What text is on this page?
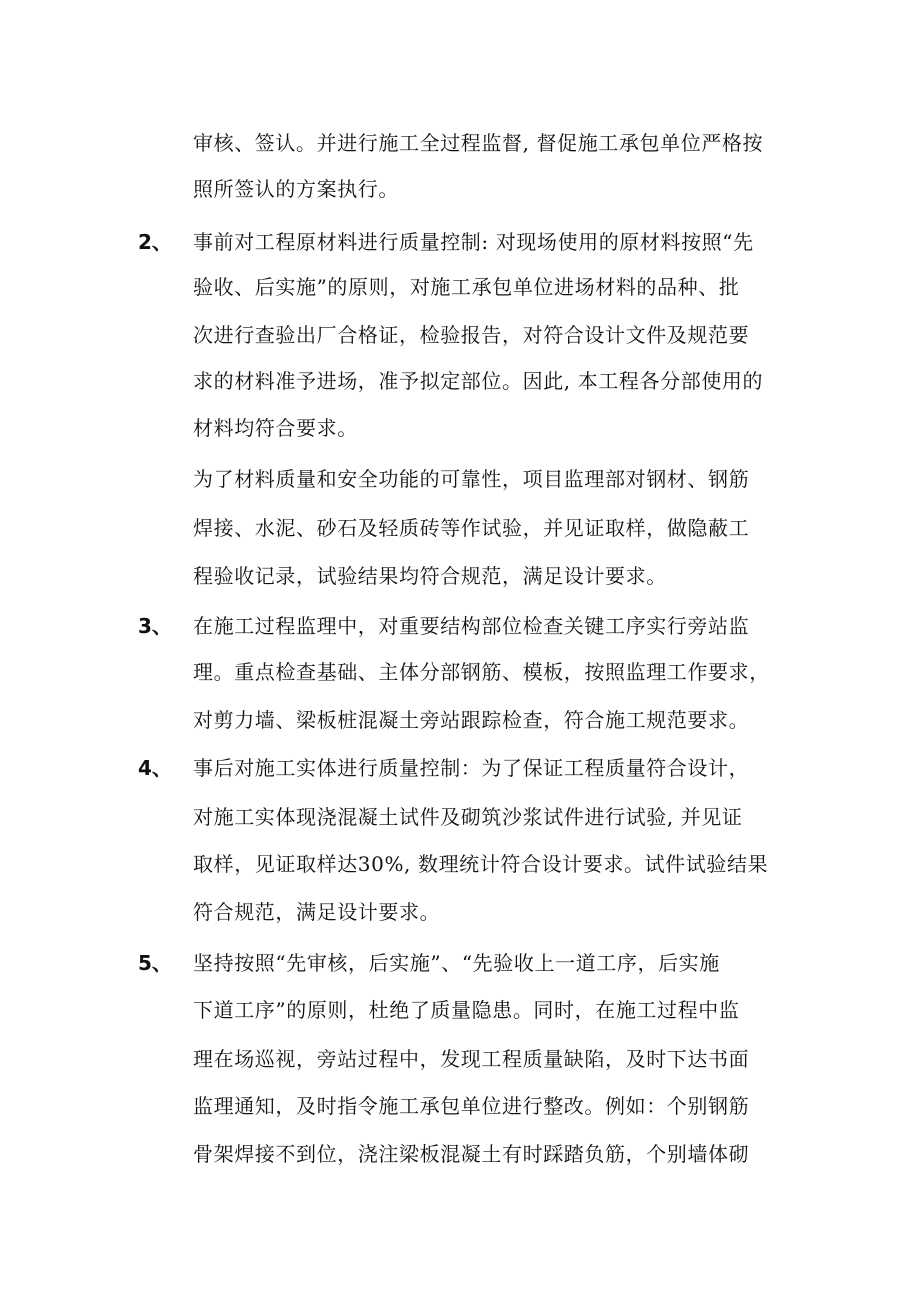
审核、签认。并进行施工全过程监督, 督促施工承包单位严格按
照所签认的方案执行。
2、 事前对工程原材料进行质量控制: 对现场使用的原材料按照“先
验收、后实施”的原则，对施工承包单位进场材料的品种、批
次进行查验出厂合格证，检验报告，对符合设计文件及规范要
求的材料准予进场，准予拟定部位。因此, 本工程各分部使用的
材料均符合要求。
为了材料质量和安全功能的可靠性，项目监理部对钢材、钢筋
焊接、水泥、砂石及轻质砖等作试验，并见证取样，做隐蔽工
程验收记录，试验结果均符合规范，满足设计要求。
3、 在施工过程监理中，对重要结构部位检查关键工序实行旁站监
理。重点检查基础、主体分部钢筋、模板，按照监理工作要求，
对剪力墙、梁板桩混凝土旁站跟踪检查，符合施工规范要求。
4、 事后对施工实体进行质量控制：为了保证工程质量符合设计，
对施工实体现浇混凝土试件及砌筑沙浆试件进行试验, 并见证
取样，见证取样达30%, 数理统计符合设计要求。试件试验结果
符合规范，满足设计要求。
5、 坚持按照“先审核，后实施”、“先验收上一道工序，后实施
下道工序”的原则，杜绝了质量隐患。同时，在施工过程中监
理在场巡视，旁站过程中，发现工程质量缺陷，及时下达书面
监理通知，及时指令施工承包单位进行整改。例如：个别钢筋
骨架焊接不到位，浇注梁板混凝土有时踩踏负筋，个别墙体砌
